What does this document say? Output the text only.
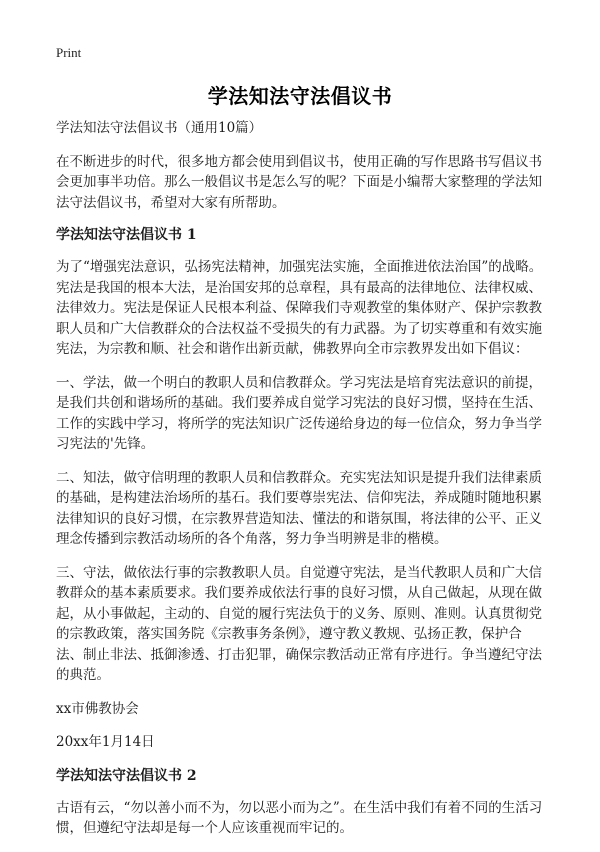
Print
学法知法守法倡议书

学法知法守法倡议书（通用10篇）

在不断进步的时代，很多地方都会使用到倡议书，使用正确的写作思路书写倡议书会更加事半功倍。那么一般倡议书是怎么写的呢？下面是小编帮大家整理的学法知法守法倡议书，希望对大家有所帮助。

学法知法守法倡议书 1

为了“增强宪法意识，弘扬宪法精神，加强宪法实施，全面推进依法治国”的战略。宪法是我国的根本大法，是治国安邦的总章程，具有最高的法律地位、法律权威、法律效力。宪法是保证人民根本利益、保障我们寺观教堂的集体财产、保护宗教教职人员和广大信教群众的合法权益不受损失的有力武器。为了切实尊重和有效实施宪法，为宗教和顺、社会和谐作出新贡献，佛教界向全市宗教界发出如下倡议：

一、学法，做一个明白的教职人员和信教群众。学习宪法是培育宪法意识的前提，是我们共创和谐场所的基础。我们要养成自觉学习宪法的良好习惯，坚持在生活、工作的实践中学习，将所学的宪法知识广泛传递给身边的每一位信众，努力争当学习宪法的'先锋。

二、知法，做守信明理的教职人员和信教群众。充实宪法知识是提升我们法律素质的基础，是构建法治场所的基石。我们要尊崇宪法、信仰宪法，养成随时随地积累法律知识的良好习惯，在宗教界营造知法、懂法的和谐氛围，将法律的公平、正义理念传播到宗教活动场所的各个角落，努力争当明辨是非的楷模。

三、守法，做依法行事的宗教教职人员。自觉遵守宪法，是当代教职人员和广大信教群众的基本素质要求。我们要养成依法行事的良好习惯，从自己做起，从现在做起，从小事做起，主动的、自觉的履行宪法负于的义务、原则、准则。认真贯彻党的宗教政策，落实国务院《宗教事务条例》，遵守教义教规、弘扬正教，保护合法、制止非法、抵御渗透、打击犯罪，确保宗教活动正常有序进行。争当遵纪守法的典范。

xx市佛教协会

20xx年1月14日

学法知法守法倡议书 2

古语有云，“勿以善小而不为，勿以恶小而为之”。在生活中我们有着不同的生活习惯，但遵纪守法却是每一个人应该重视而牢记的。
